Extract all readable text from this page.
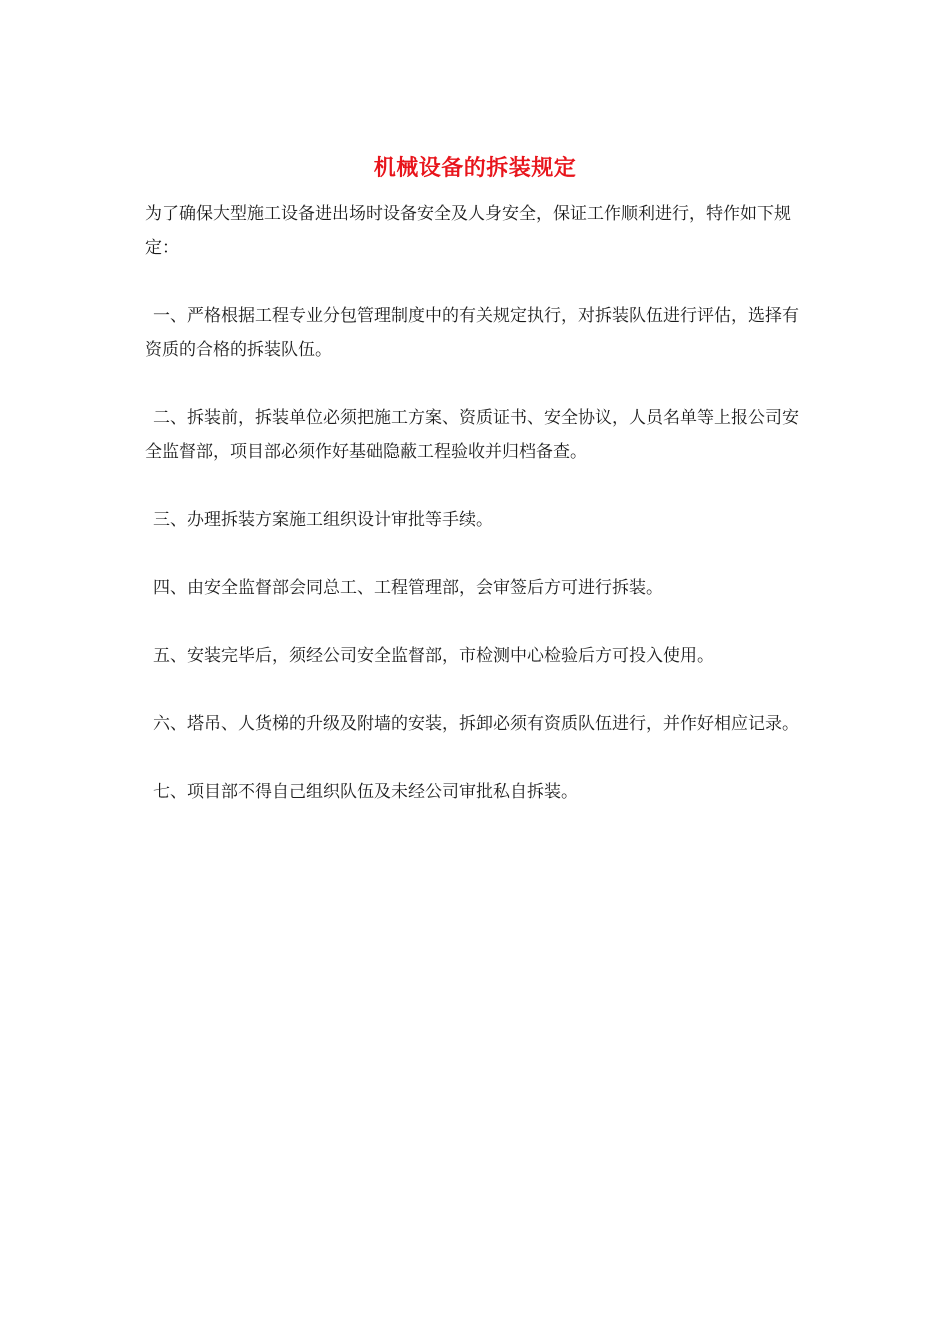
机械设备的拆装规定

为了确保大型施工设备进出场时设备安全及人身安全，保证工作顺利进行，特作如下规定：

一、严格根据工程专业分包管理制度中的有关规定执行，对拆装队伍进行评估，选择有资质的合格的拆装队伍。

二、拆装前，拆装单位必须把施工方案、资质证书、安全协议，人员名单等上报公司安全监督部，项目部必须作好基础隐蔽工程验收并归档备查。

三、办理拆装方案施工组织设计审批等手续。

四、由安全监督部会同总工、工程管理部，会审签后方可进行拆装。

五、安装完毕后，须经公司安全监督部，市检测中心检验后方可投入使用。

六、塔吊、人货梯的升级及附墙的安装，拆卸必须有资质队伍进行，并作好相应记录。

七、项目部不得自己组织队伍及未经公司审批私自拆装。
